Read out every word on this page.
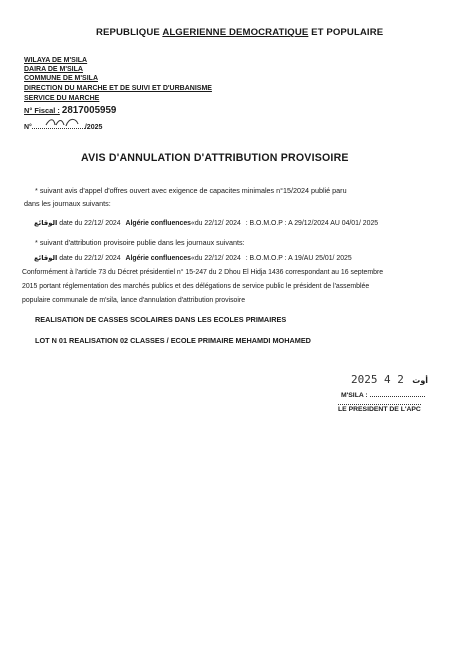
REPUBLIQUE ALGERIENNE DEMOCRATIQUE ET POPULAIRE
WILAYA DE M'SILA
DAIRA DE M'SILA
COMMUNE DE M'SILA
DIRECTION DU MARCHE ET DE SUIVI ET D'URBANISME
SERVICE DU MARCHE
N° Fiscal : 2817005959
N°	/2025
AVIS D'ANNULATION D'ATTRIBUTION PROVISOIRE
* suivant avis d'appel d'offres ouvert avec exigence de capacites minimales n°15/2024 publié paru
dans les journaux suivants:
الوقائع date du 22/12/ 2024 Algérie confluences«du 22/12/ 2024 : B.O.M.O.P : A 29/12/2024 AU 04/01/ 2025
* suivant d'attribution provisoire publie dans les journaux suivants:
الوقائع date du 22/12/ 2024 Algérie confluences«du 22/12/ 2024 : B.O.M.O.P : A 19/AU 25/01/ 2025
Conformément à l'article 73 du Décret présidentiel n° 15-247 du 2 Dhou El Hidja 1436 correspondant au 16 septembre
2015 portant réglementation des marchés publics et des délégations de service public le président de l'assemblée
populaire communale de m'sila, lance d'annulation d'attribution provisoire
REALISATION DE CASSES SCOLAIRES DANS LES ECOLES PRIMAIRES
LOT N 01 REALISATION 02 CLASSES / ECOLE PRIMAIRE MEHAMDI MOHAMED
2025	أوت 2 4
M'SILA :
LE PRESIDENT DE L'APC
